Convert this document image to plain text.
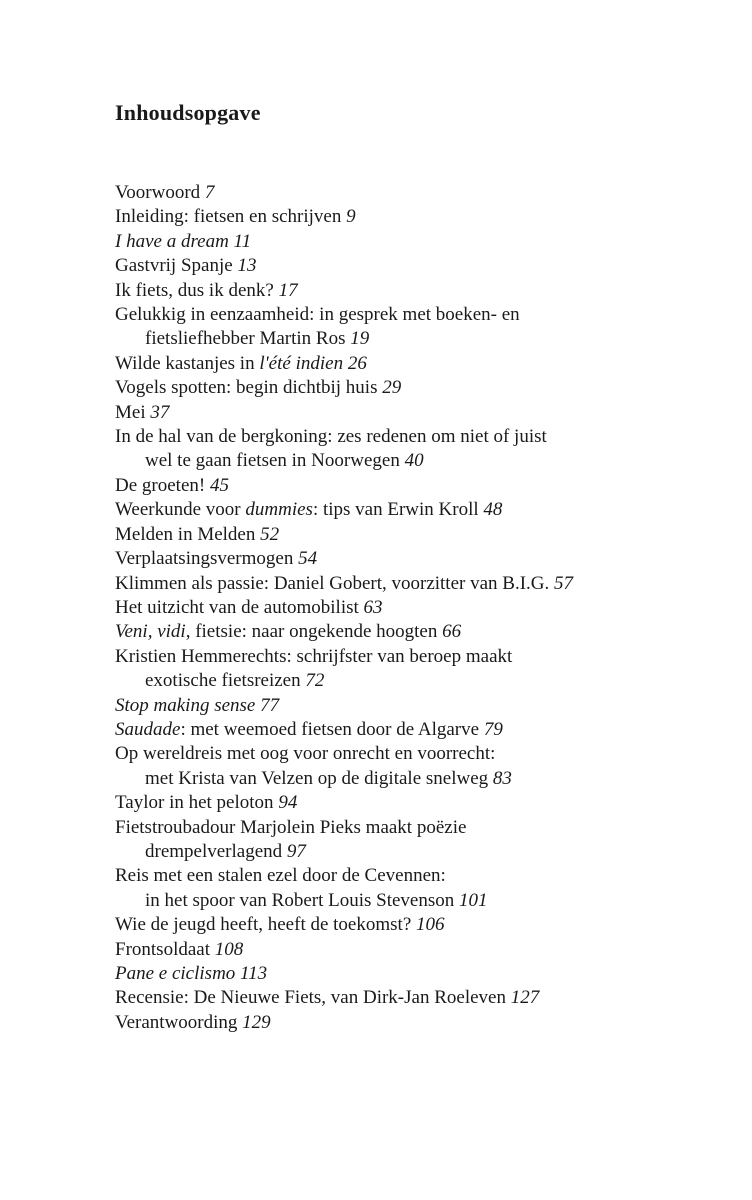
Inhoudsopgave
Voorwoord 7
Inleiding: fietsen en schrijven 9
I have a dream 11
Gastvrij Spanje 13
Ik fiets, dus ik denk? 17
Gelukkig in eenzaamheid: in gesprek met boeken- en
fietsliefhebber Martin Ros 19
Wilde kastanjes in l'été indien 26
Vogels spotten: begin dichtbij huis 29
Mei 37
In de hal van de bergkoning: zes redenen om niet of juist
wel te gaan fietsen in Noorwegen 40
De groeten! 45
Weerkunde voor dummies: tips van Erwin Kroll 48
Melden in Melden 52
Verplaatsingsvermogen 54
Klimmen als passie: Daniel Gobert, voorzitter van B.I.G. 57
Het uitzicht van de automobilist 63
Veni, vidi, fietsie: naar ongekende hoogten 66
Kristien Hemmerechts: schrijfster van beroep maakt
exotische fietsreizen 72
Stop making sense 77
Saudade: met weemoed fietsen door de Algarve 79
Op wereldreis met oog voor onrecht en voorrecht:
met Krista van Velzen op de digitale snelweg 83
Taylor in het peloton 94
Fietstroubadour Marjolein Pieks maakt poëzie
drempelverlagend 97
Reis met een stalen ezel door de Cevennen:
in het spoor van Robert Louis Stevenson 101
Wie de jeugd heeft, heeft de toekomst? 106
Frontsoldaat 108
Pane e ciclismo 113
Recensie: De Nieuwe Fiets, van Dirk-Jan Roeleven 127
Verantwoording 129
